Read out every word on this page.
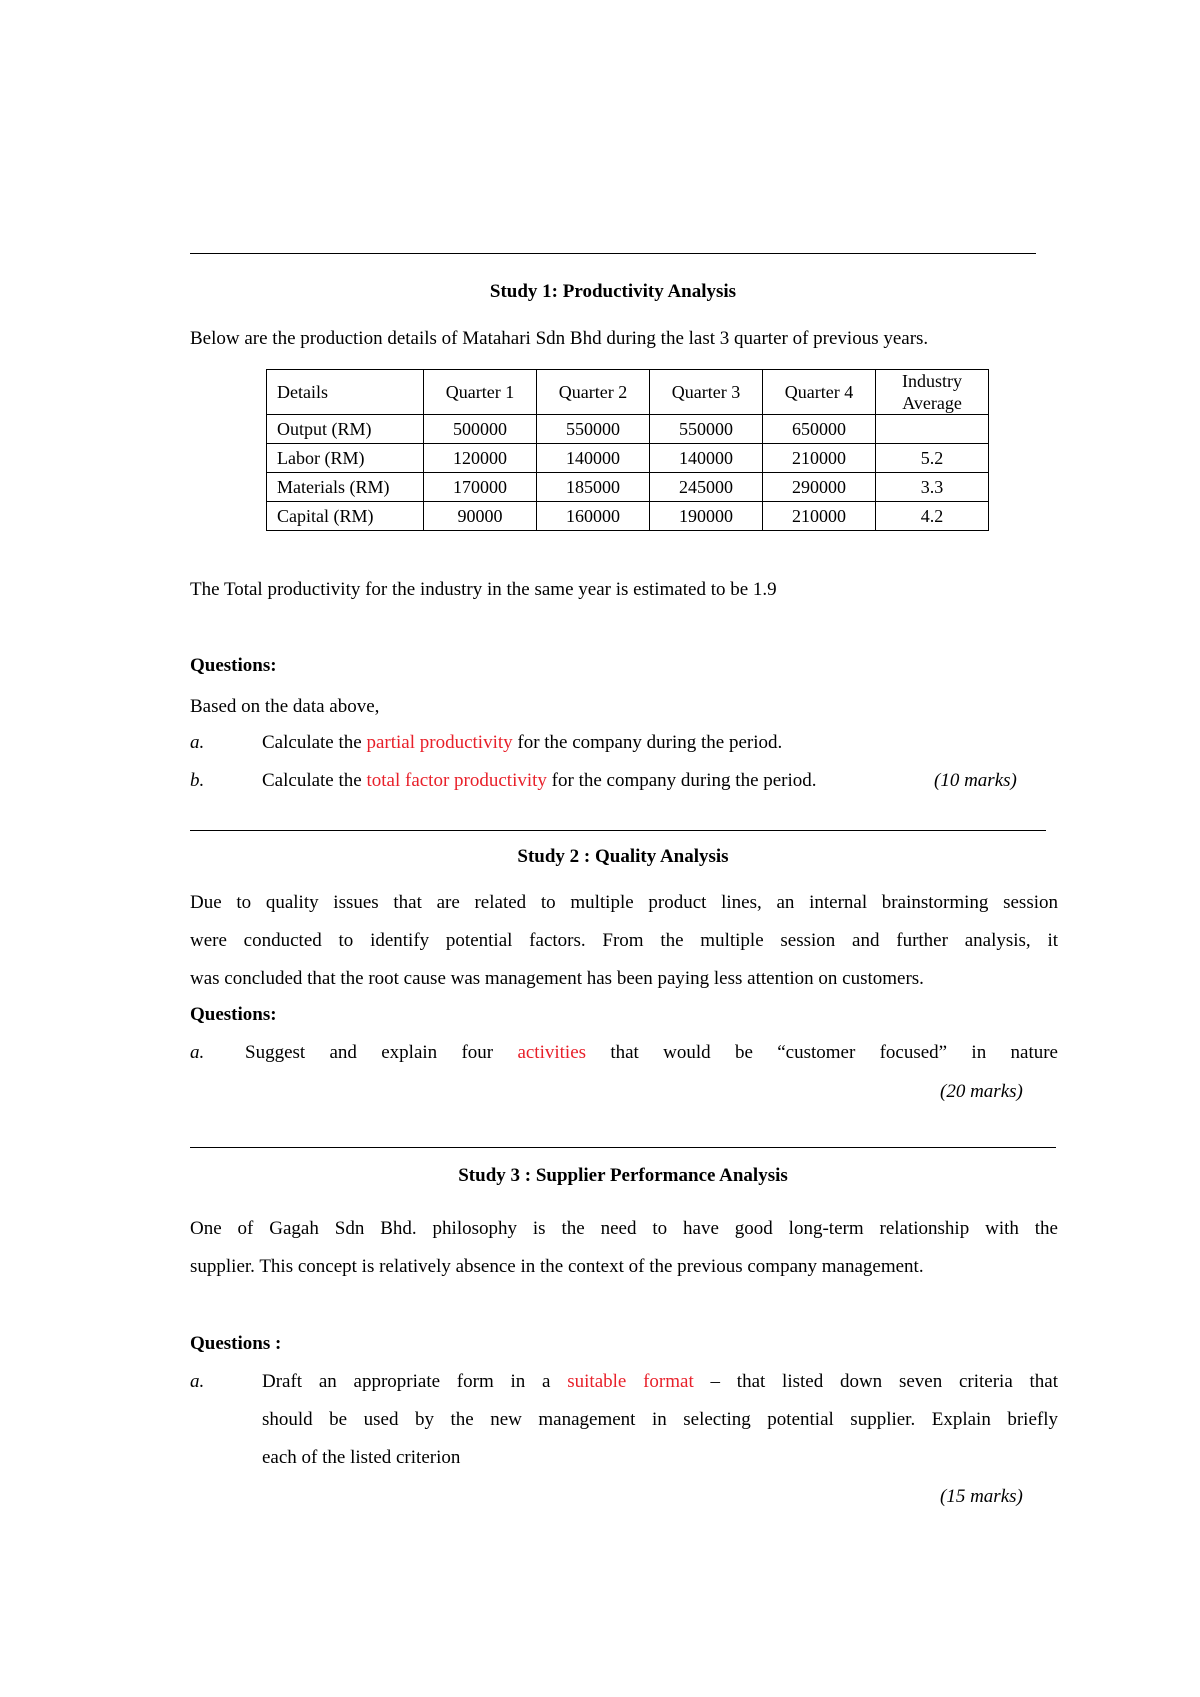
Study 1: Productivity Analysis
Below are the production details of Matahari Sdn Bhd during the last 3 quarter of previous years.
Details	Quarter 1	Quarter 2	Quarter 3	Quarter 4	Industry
Average
Output (RM)	500000	550000	550000	650000	
Labor (RM)	120000	140000	140000	210000	5.2
Materials (RM)	170000	185000	245000	290000	3.3
Capital (RM)	90000	160000	190000	210000	4.2
The Total productivity for the industry in the same year is estimated to be 1.9
Questions:
Based on the data above,
a.	Calculate the partial productivity for the company during the period.
b.	Calculate the total factor productivity for the company during the period.	(10 marks)
Study 2 : Quality Analysis
Due to quality issues that are related to multiple product lines, an internal brainstorming session
were conducted to identify potential factors. From the multiple session and further analysis, it
was concluded that the root cause was management has been paying less attention on customers.
Questions:
a. Suggest and explain four activities that would be “customer focused” in nature
(20 marks)
Study 3 : Supplier Performance Analysis
One of Gagah Sdn Bhd. philosophy is the need to have good long-term relationship with the
supplier. This concept is relatively absence in the context of the previous company management.
Questions :
a.	Draft an appropriate form in a suitable format – that listed down seven criteria that
should be used by the new management in selecting potential supplier. Explain briefly
each of the listed criterion
(15 marks)
